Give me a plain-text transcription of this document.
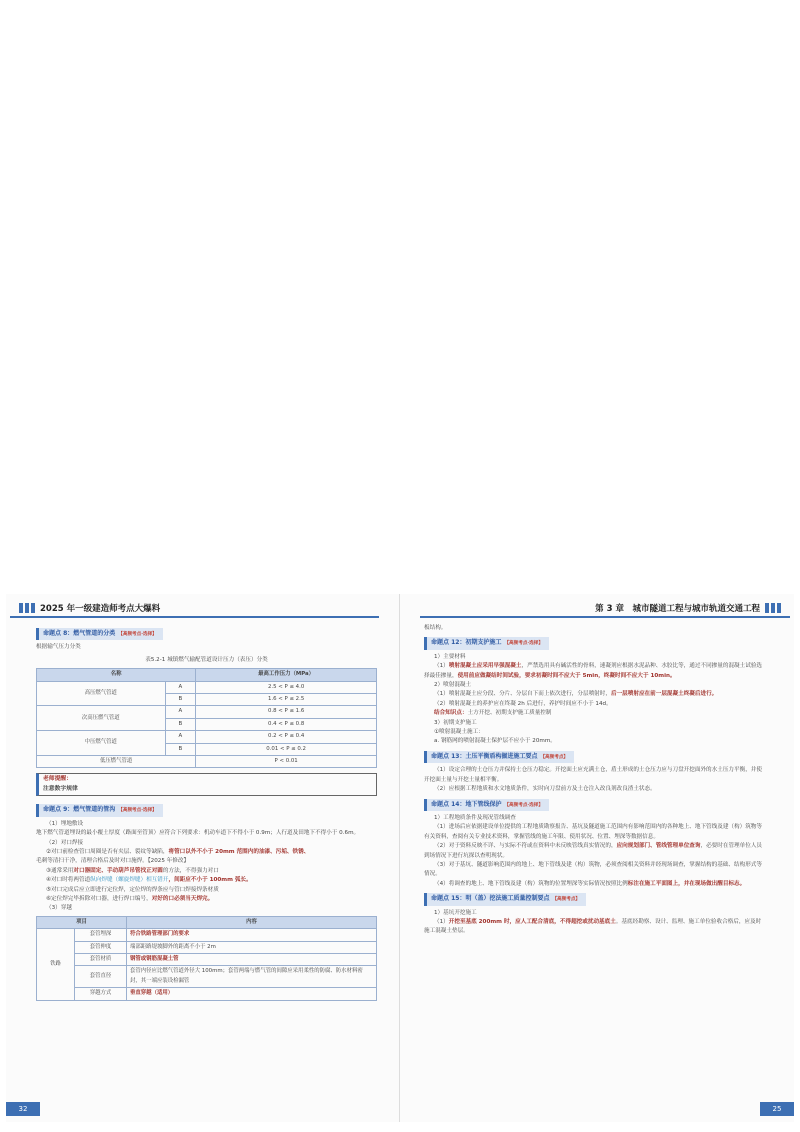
2025 年一级建造师考点大爆料
命题点 8：燃气管道的分类 【高频考点·选择】
根据输气压力分类
表5.2-1 城镇燃气输配管道设计压力（表压）分类
名称		最高工作压力（MPa）
高压燃气管道	A	2.5 < P ≤ 4.0
	B	1.6 < P ≤ 2.5
次高压燃气管道	A	0.8 < P ≤ 1.6
	B	0.4 < P ≤ 0.8
中压燃气管道	A	0.2 < P ≤ 0.4
	B	0.01 < P ≤ 0.2
低压燃气管道		P < 0.01
老师提醒：
注意数字规律
命题点 9：燃气管道的管沟 【高频考点·选择】
（1）埋地敷设
地下燃气管道埋设的最小覆土厚度（路面至管顶）应符合下列要求：机动车道下不得小于 0.9m；人行道及田地下不得小于 0.6m。
（2）对口焊接
②对口前检查管口周圈是否有夹层、裂纹等缺陷，将管口以外不小于 20mm 范围内的油漆、污垢、铁锈、
毛刺等清扫干净，清理合格后及时对口施焊。【2025 年修改】
③通常采用对口器固定、手动葫芦吊管找正对圆的方法，不得强力对口
④对口时将两管道纵向焊缝（螺旋焊缝）相互错开，间距应不小于 100mm 弧长。
⑤对口完成后应立即进行定位焊，定位焊的焊条应与管口焊接焊条材质
⑥定位焊完毕拆除对口器，进行焊口编号，对好的口必须当天焊完。
（3）穿越
项目		内容
铁路	套管埋深	符合铁路管理部门的要求
	套管伸度	端部距路堤坡脚外的距离不小于 2m
	套管材质	钢管或钢筋混凝土管
	套管直径	套管内径应比燃气管道外径大 100mm；套管两端与燃气管的间隙应采用柔性的防腐、防水材料密封，其一端应装设检漏管
	穿越方式	垂直穿越（适用）
32
第 3 章　城市隧道工程与城市轨道交通工程
板结构。
命题点 12：初期支护施工 【高频考点·选择】
1）主要材料
（1）喷射混凝土应采用早强混凝土，严禁选用具有碱活性的骨料，速凝剂应根据水泥品种、水胶比等，通过不同掺量的混凝土试验选择最佳掺量，使用前应做凝结时间试验，要求初凝时间不应大于 5min，终凝时间不应大于 10min。
2）喷射混凝土
（1）喷射混凝土应分段、分片、分层自下而上依次进行，分层喷射时，后一层喷射应在前一层混凝土终凝后进行。
（2）喷射混凝土的养护应在终凝 2h 后进行，养护时间应不小于 14d。
结合知识点：土方开挖、初期支护施工质量控制
3）初期支护施工
①喷射混凝土施工：
a. 钢筋网的喷射混凝土保护层不应小于 20mm。
命题点 13：土压平衡盾构掘进施工要点 【高频考点】
（1）设定合理的土仓压力并保持土仓压力稳定。开挖面土应充满土仓，盾土形成的土仓压力应与刀盘开挖面外的水土压力平衡，并使开挖面土量与开挖土量相平衡。
（2）应根据工程地质和水文地质条件，实时向刀盘前方及土仓注入改良剂改良渣土状态。
命题点 14：地下管线保护 【高频考点·选择】
1）工程地质条件及现况管线调查
（1）进场后应依据建设单位提供的工程地质勘察报告、基坑及隧道施工范围内有影响范围内的各种地上、地下管线及建（构）筑物等有关资料，查阅有关专业技术资料，掌握管线的施工年限、使用状况、位置、埋深等数据信息。
（2）对于资料反映不详、与实际不符或在资料中未反映管线真实情况的，应向规划部门、管线管理单位查询，必要时在管理单位人员到场情况下进行坑探以查明现状。
（3）对于基坑、隧道影响范围内的地上、地下管线及建（构）筑物，必须查阅相关资料并经现场调查，掌握结构的基础、结构形式等情况。
（4）将调查的地上、地下管线及建（构）筑物的位置埋深等实际情况按照比例标注在施工平面图上，并在现场做出醒目标志。
命题点 15：明（盖）挖法施工质量控制要点 【高频考点】
1）基坑开挖施工
（1）开挖至基底 200mm 时，应人工配合清底，不得超挖或扰动基底土。基底经勘察、设计、监理、施工单位验收合格后，应及时施工混凝土垫层。
25
